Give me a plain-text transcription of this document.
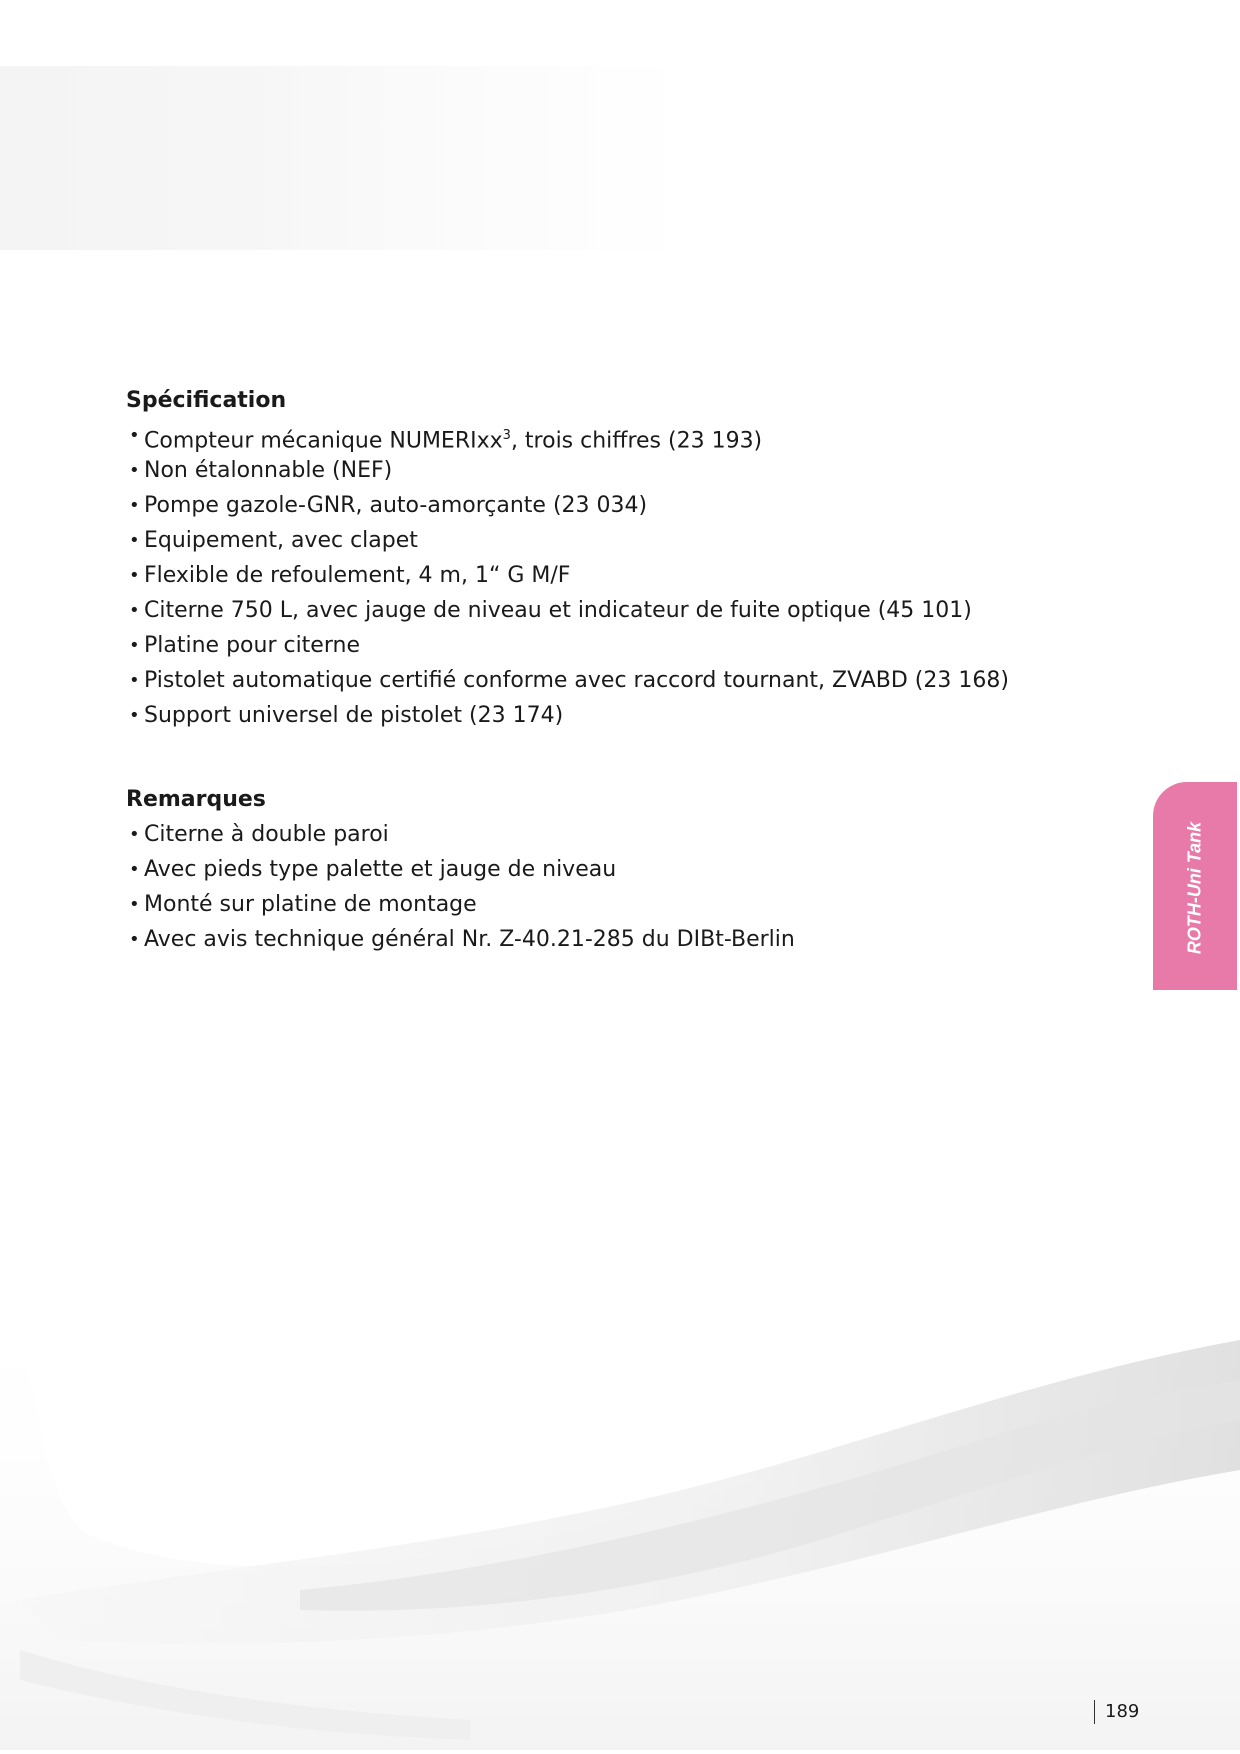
Spécification
• Compteur mécanique NUMERIxx$^3$, trois chiffres (23 193)
• Non étalonnable (NEF)
• Pompe gazole-GNR, auto-amorçante (23 034)
• Equipement, avec clapet
• Flexible de refoulement, 4 m, 1“ G M/F
• Citerne 750 L, avec jauge de niveau et indicateur de fuite optique (45 101)
• Platine pour citerne
• Pistolet automatique certifié conforme avec raccord tournant, ZVABD (23 168)
• Support universel de pistolet (23 174)
Remarques
• Citerne à double paroi
• Avec pieds type palette et jauge de niveau
• Monté sur platine de montage
• Avec avis technique général Nr. Z-40.21-285 du DIBt-Berlin	ROTH-Uni Tank
189
